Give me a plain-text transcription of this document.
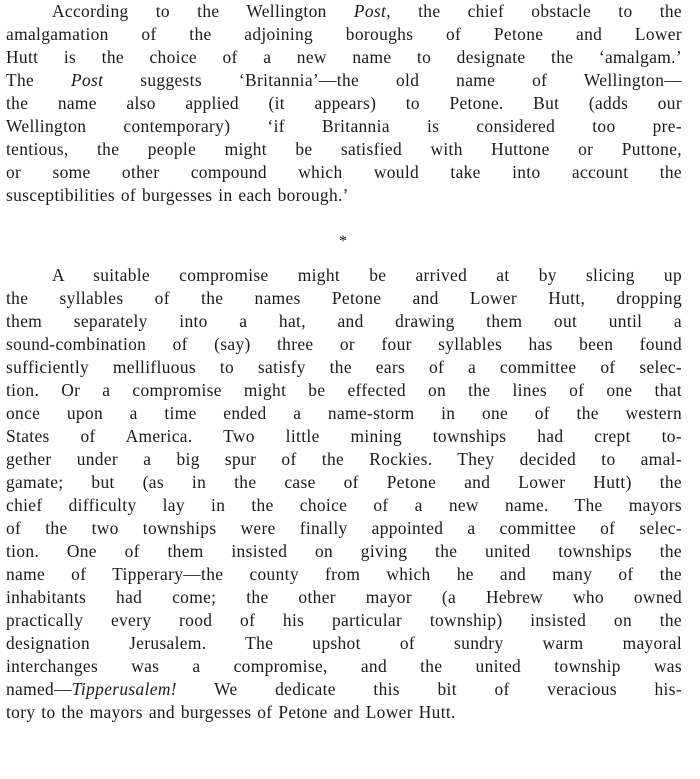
According to the Wellington Post, the chief obstacle to the
amalgamation of the adjoining boroughs of Petone and Lower
Hutt is the choice of a new name to designate the ‘amalgam.’
The Post suggests ‘Britannia’—the old name of Wellington—
the name also applied (it appears) to Petone. But (adds our
Wellington contemporary) ‘if Britannia is considered too pre-
tentious, the people might be satisfied with Huttone or Puttone,
or some other compound which would take into account the
susceptibilities of burgesses in each borough.’
*
A suitable compromise might be arrived at by slicing up
the syllables of the names Petone and Lower Hutt, dropping
them separately into a hat, and drawing them out until a
sound-combination of (say) three or four syllables has been found
sufficiently mellifluous to satisfy the ears of a committee of selec-
tion. Or a compromise might be effected on the lines of one that
once upon a time ended a name-storm in one of the western
States of America. Two little mining townships had crept to-
gether under a big spur of the Rockies. They decided to amal-
gamate; but (as in the case of Petone and Lower Hutt) the
chief difficulty lay in the choice of a new name. The mayors
of the two townships were finally appointed a committee of selec-
tion. One of them insisted on giving the united townships the
name of Tipperary—the county from which he and many of the
inhabitants had come; the other mayor (a Hebrew who owned
practically every rood of his particular township) insisted on the
designation Jerusalem. The upshot of sundry warm mayoral
interchanges was a compromise, and the united township was
named—Tipperusalem! We dedicate this bit of veracious his-
tory to the mayors and burgesses of Petone and Lower Hutt.
